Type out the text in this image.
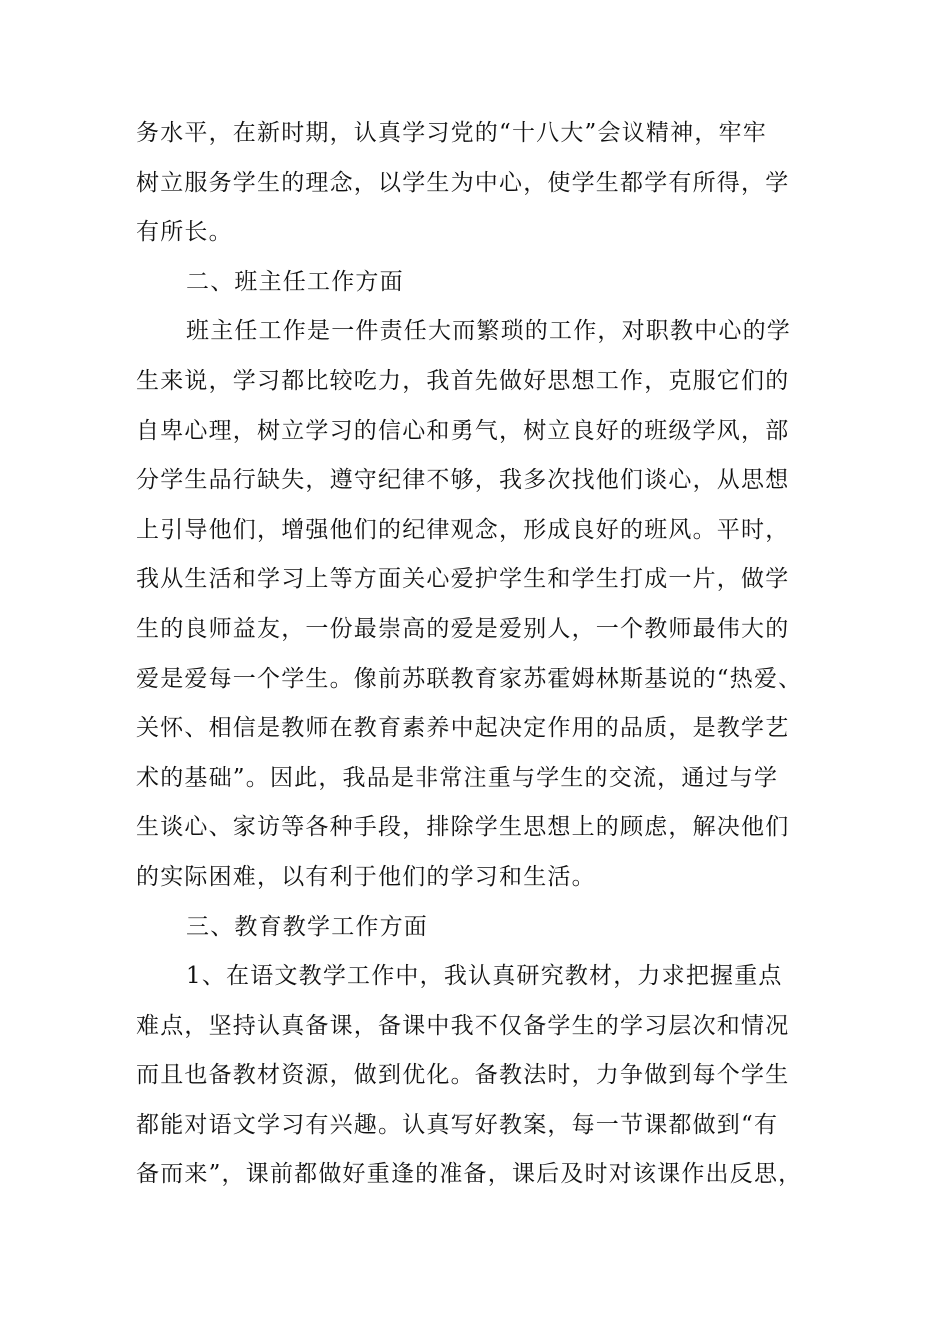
务水平，在新时期，认真学习党的“十八大”会议精神，牢牢
树立服务学生的理念，以学生为中心，使学生都学有所得，学
有所长。
二、班主任工作方面
班主任工作是一件责任大而繁琐的工作，对职教中心的学
生来说，学习都比较吃力，我首先做好思想工作，克服它们的
自卑心理，树立学习的信心和勇气，树立良好的班级学风，部
分学生品行缺失，遵守纪律不够，我多次找他们谈心，从思想
上引导他们，增强他们的纪律观念，形成良好的班风。平时，
我从生活和学习上等方面关心爱护学生和学生打成一片，做学
生的良师益友，一份最崇高的爱是爱别人，一个教师最伟大的
爱是爱每一个学生。像前苏联教育家苏霍姆林斯基说的“热爱、
关怀、相信是教师在教育素养中起决定作用的品质，是教学艺
术的基础”。因此，我品是非常注重与学生的交流，通过与学
生谈心、家访等各种手段，排除学生思想上的顾虑，解决他们
的实际困难，以有利于他们的学习和生活。
三、教育教学工作方面
1、在语文教学工作中，我认真研究教材，力求把握重点
难点，坚持认真备课，备课中我不仅备学生的学习层次和情况
而且也备教材资源，做到优化。备教法时，力争做到每个学生
都能对语文学习有兴趣。认真写好教案，每一节课都做到“有
备而来”，课前都做好重逢的准备，课后及时对该课作出反思，
